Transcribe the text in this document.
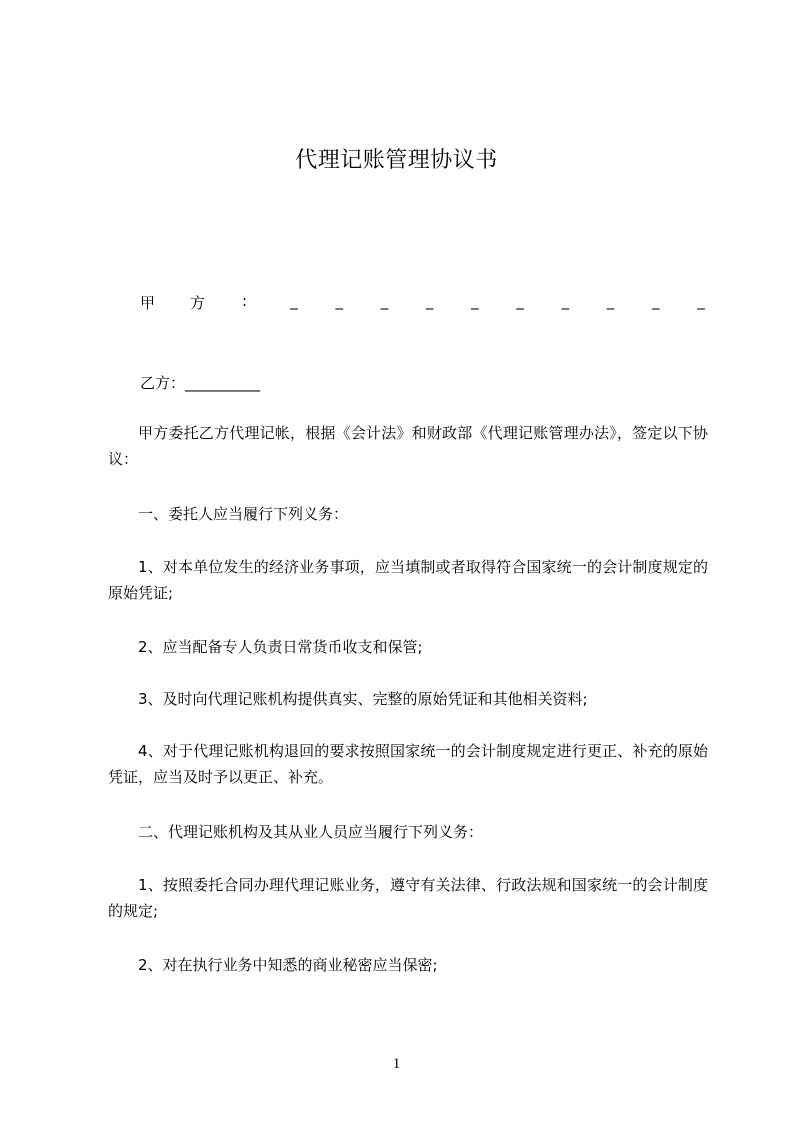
代理记账管理协议书
甲 方 :	_	_	_	_	_	_	_	_	_	_
乙方：__________

甲方委托乙方代理记帐，根据《会计法》和财政部《代理记账管理办法》，签定以下协议：

一、委托人应当履行下列义务：

1、对本单位发生的经济业务事项，应当填制或者取得符合国家统一的会计制度规定的原始凭证;

2、应当配备专人负责日常货币收支和保管;

3、及时向代理记账机构提供真实、完整的原始凭证和其他相关资料;

4、对于代理记账机构退回的要求按照国家统一的会计制度规定进行更正、补充的原始凭证，应当及时予以更正、补充。

二、代理记账机构及其从业人员应当履行下列义务：

1、按照委托合同办理代理记账业务，遵守有关法律、行政法规和国家统一的会计制度的规定;

2、对在执行业务中知悉的商业秘密应当保密;

1
